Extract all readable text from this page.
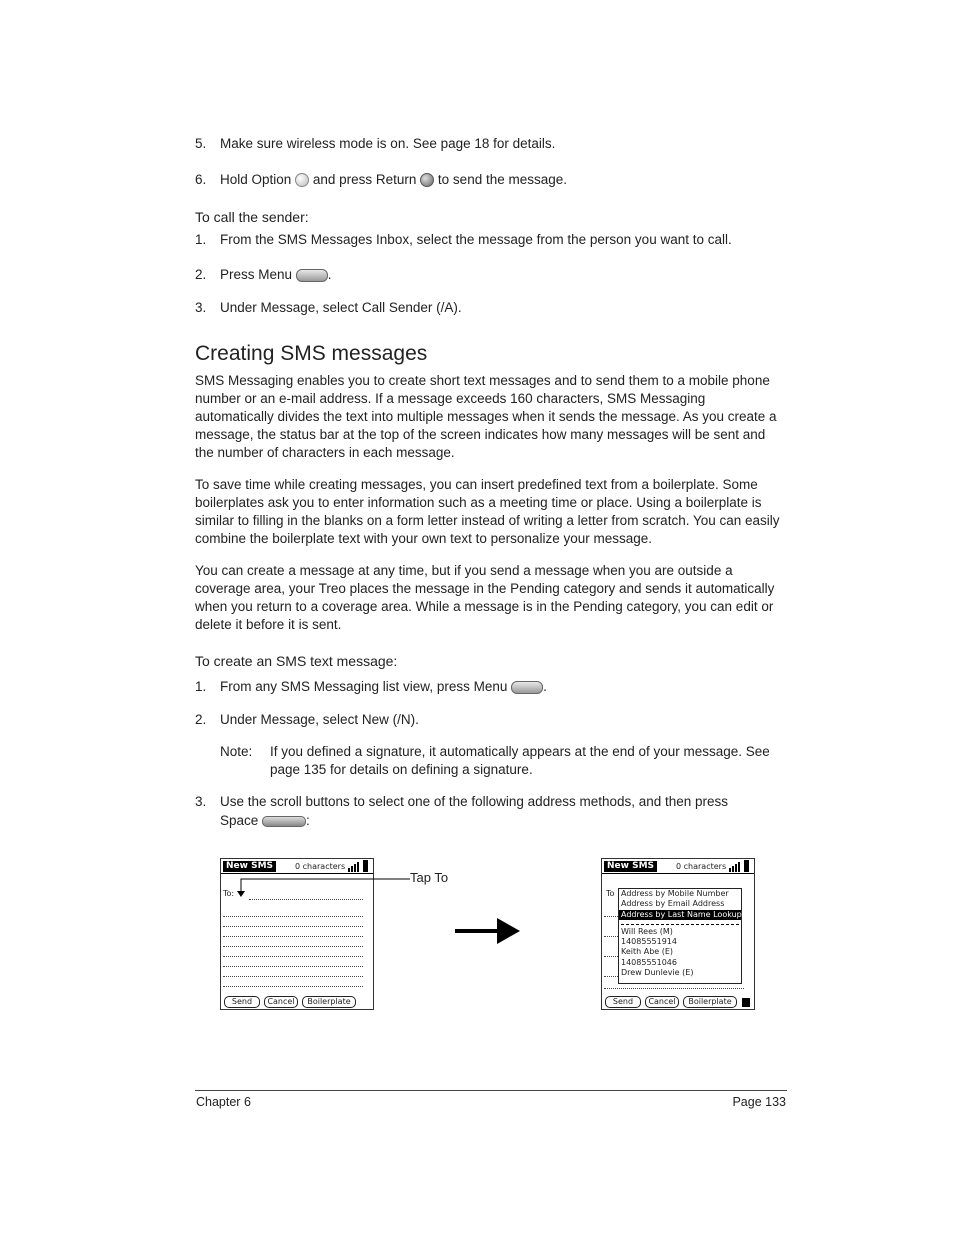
5. Make sure wireless mode is on. See page 18 for details.
6. Hold Option and press Return to send the message.
To call the sender:
1. From the SMS Messages Inbox, select the message from the person you want to call.
2. Press Menu	.
3. Under Message, select Call Sender (/A).
Creating SMS messages
SMS Messaging enables you to create short text messages and to send them to a mobile phone number or an e-mail address. If a message exceeds 160 characters, SMS Messaging automatically divides the text into multiple messages when it sends the message. As you create a message, the status bar at the top of the screen indicates how many messages will be sent and the number of characters in each message.
To save time while creating messages, you can insert predefined text from a boilerplate. Some boilerplates ask you to enter information such as a meeting time or place. Using a boilerplate is similar to filling in the blanks on a form letter instead of writing a letter from scratch. You can easily combine the boilerplate text with your own text to personalize your message.
You can create a message at any time, but if you send a message when you are outside a coverage area, your Treo places the message in the Pending category and sends it automatically when you return to a coverage area. While a message is in the Pending category, you can edit or delete it before it is sent.
To create an SMS text message:
1. From any SMS Messaging list view, press Menu	.
2. Under Message, select New (/N).
Note: If you defined a signature, it automatically appears at the end of your message. See
page 135 for details on defining a signature.
3. Use the scroll buttons to select one of the following address methods, and then press
Space	:
New SMS	0 characters
To:
Send	Cancel	Boilerplate
Tap To
New SMS	0 characters
To Address by Mobile Number
Address by Email Address
Address by Last Name Lookup
Will Rees (M)
14085551914
Keith Abe (E)
14085551046
Drew Dunlevie (E)
Send	Cancel	Boilerplate
Chapter 6	Page 133
